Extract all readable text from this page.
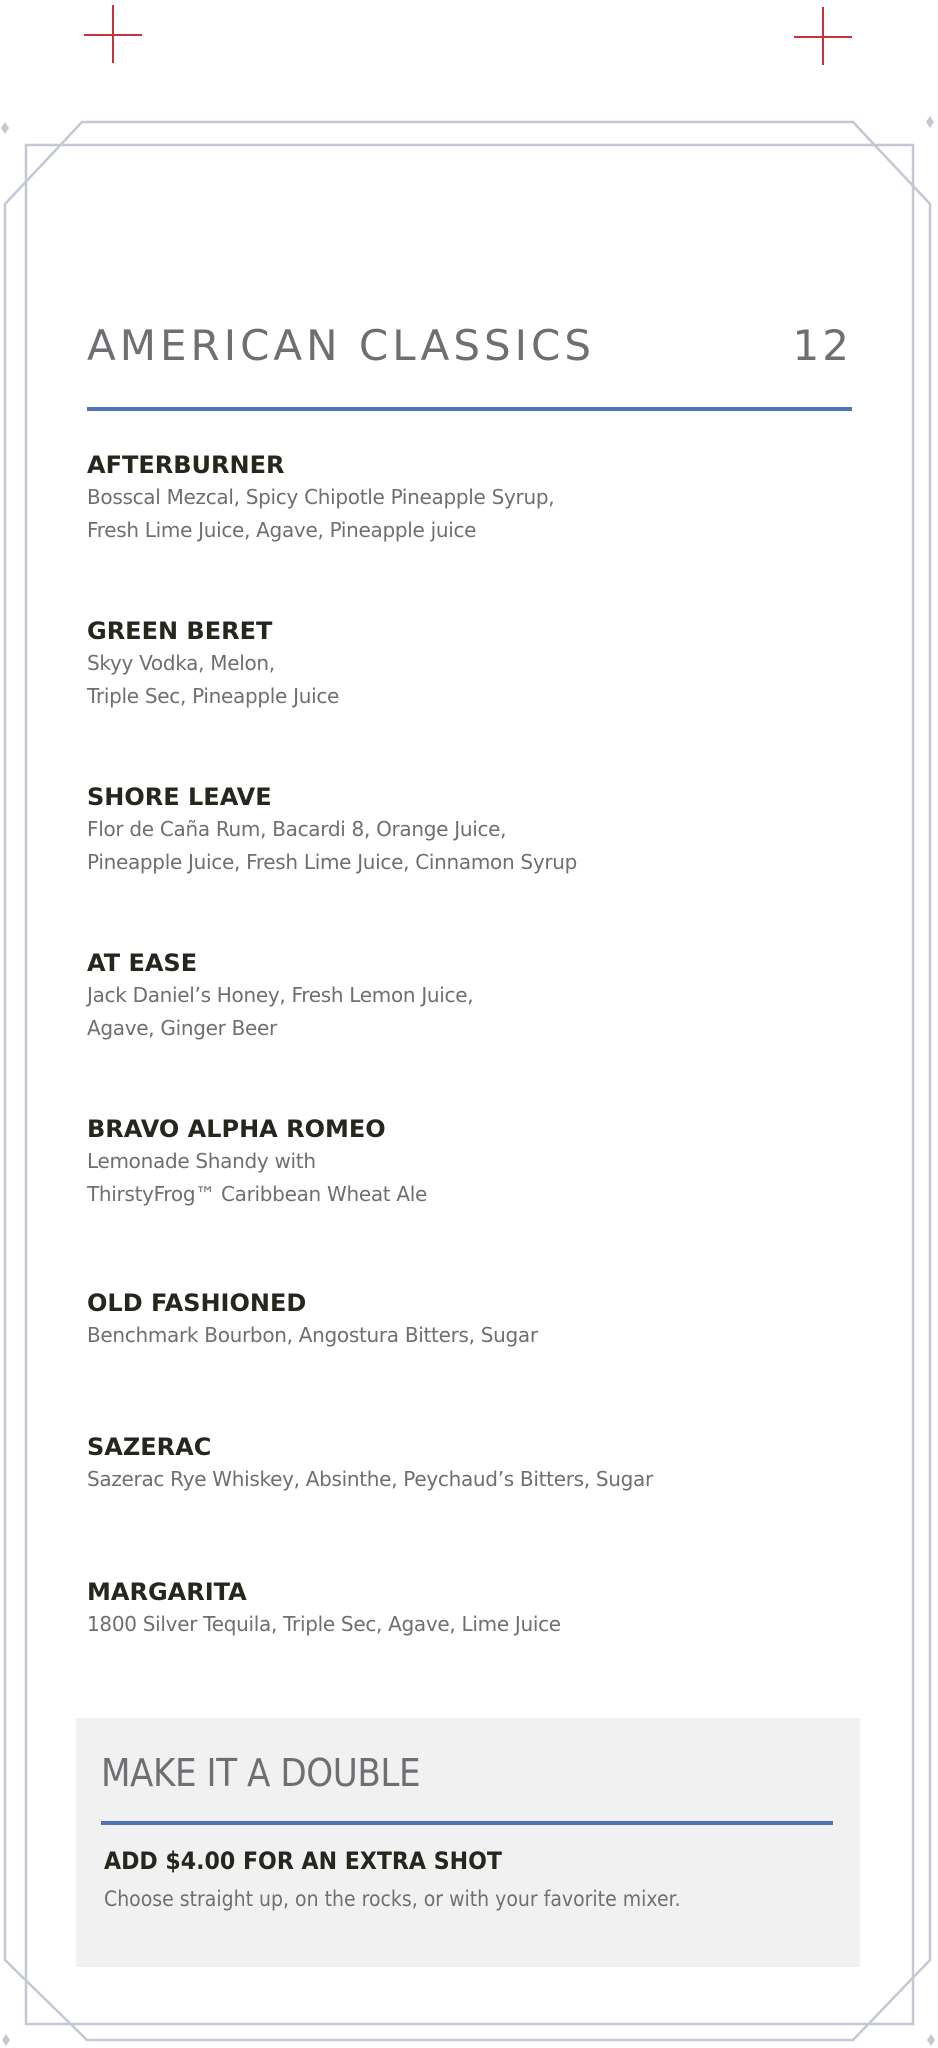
AMERICAN CLASSICS	12
AFTERBURNER
Bosscal Mezcal, Spicy Chipotle Pineapple Syrup,
Fresh Lime Juice, Agave, Pineapple juice
GREEN BERET
Skyy Vodka, Melon,
Triple Sec, Pineapple Juice
SHORE LEAVE
Flor de Caña Rum, Bacardi 8, Orange Juice,
Pineapple Juice, Fresh Lime Juice, Cinnamon Syrup
AT EASE
Jack Daniel’s Honey, Fresh Lemon Juice,
Agave, Ginger Beer
BRAVO ALPHA ROMEO
Lemonade Shandy with
ThirstyFrog™ Caribbean Wheat Ale
OLD FASHIONED
Benchmark Bourbon, Angostura Bitters, Sugar
SAZERAC
Sazerac Rye Whiskey, Absinthe, Peychaud’s Bitters, Sugar
MARGARITA
1800 Silver Tequila, Triple Sec, Agave, Lime Juice
MAKE IT A DOUBLE
ADD $4.00 FOR AN EXTRA SHOT
Choose straight up, on the rocks, or with your favorite mixer.
